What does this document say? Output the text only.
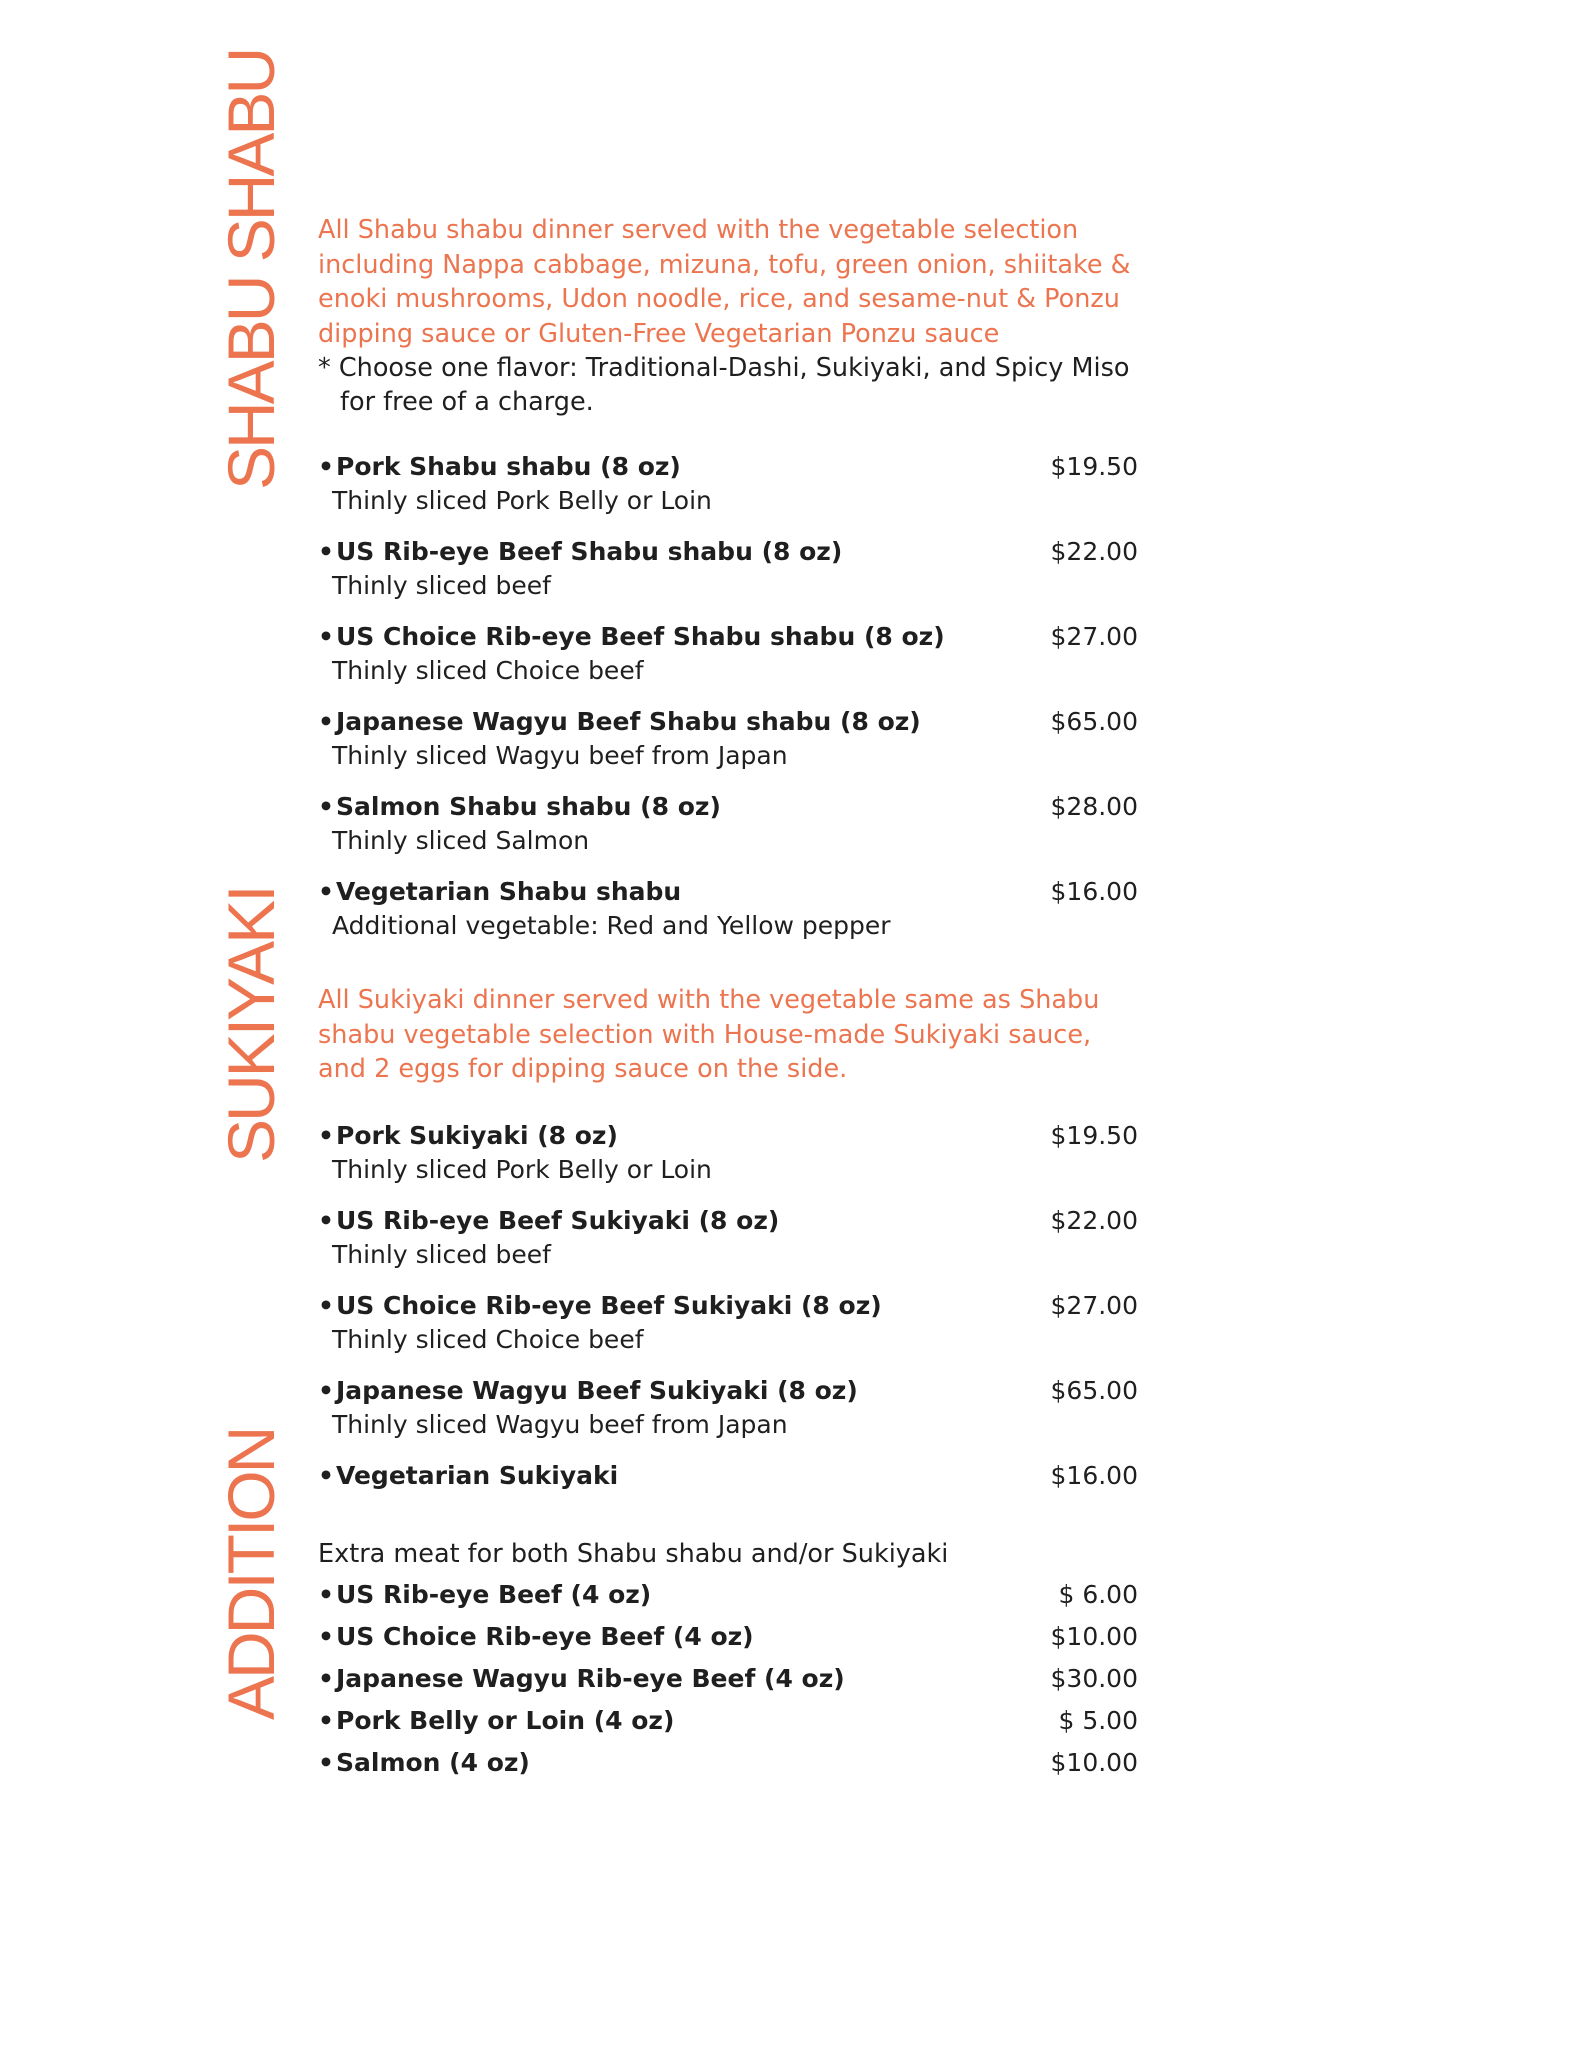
SHABU SHABU All Shabu shabu dinner served with the vegetable selection including Nappa cabbage, mizuna, tofu, green onion, shiitake & enoki mushrooms, Udon noodle, rice, and sesame-nut & Ponzu dipping sauce or Gluten-Free Vegetarian Ponzu sauce

* Choose one flavor: Traditional-Dashi, Sukiyaki, and Spicy Miso for free of a charge.

•Pork Shabu shabu (8 oz)
Thinly sliced Pork Belly or Loin
$19.50
•US Rib-eye Beef Shabu shabu (8 oz)
Thinly sliced beef
$22.00
•US Choice Rib-eye Beef Shabu shabu (8 oz)
Thinly sliced Choice beef
$27.00
•Japanese Wagyu Beef Shabu shabu (8 oz)
Thinly sliced Wagyu beef from Japan
$65.00
•Salmon Shabu shabu (8 oz)
Thinly sliced Salmon
$28.00
•Vegetarian Shabu shabu
Additional vegetable: Red and Yellow pepper
$16.00
SUKIYAKI All Sukiyaki dinner served with the vegetable same as Shabu shabu vegetable selection with House-made Sukiyaki sauce, and 2 eggs for dipping sauce on the side.

•Pork Sukiyaki (8 oz)
Thinly sliced Pork Belly or Loin
$19.50
•US Rib-eye Beef Sukiyaki (8 oz)
Thinly sliced beef
$22.00
•US Choice Rib-eye Beef Sukiyaki (8 oz)
Thinly sliced Choice beef
$27.00
•Japanese Wagyu Beef Sukiyaki (8 oz)
Thinly sliced Wagyu beef from Japan
$65.00
•Vegetarian Sukiyaki	$16.00
ADDITION Extra meat for both Shabu shabu and/or Sukiyaki

•US Rib-eye Beef (4 oz)	$ 6.00
•US Choice Rib-eye Beef (4 oz)	$10.00
•Japanese Wagyu Rib-eye Beef (4 oz)	$30.00
•Pork Belly or Loin (4 oz)	$ 5.00
•Salmon (4 oz)	$10.00
